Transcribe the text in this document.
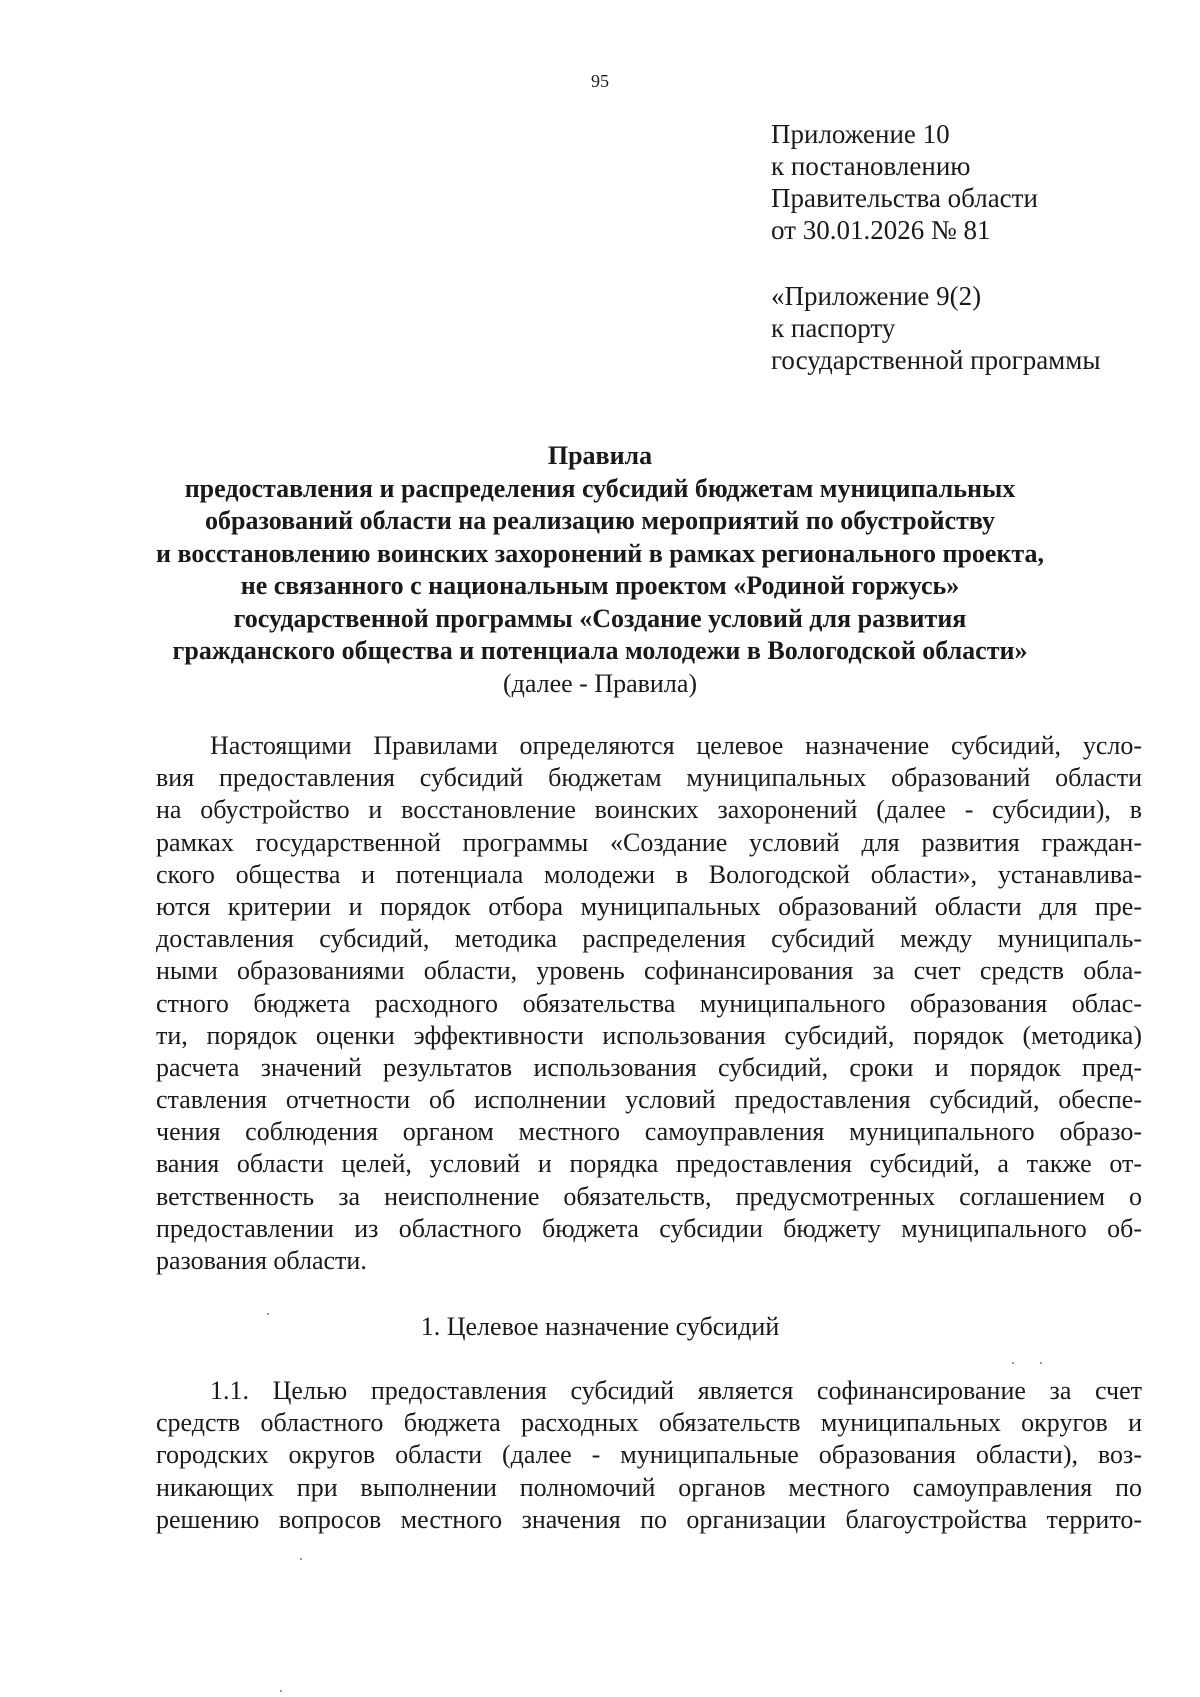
95
Приложение 10
к постановлению
Правительства области
от 30.01.2026 № 81
«Приложение 9(2)
к паспорту
государственной программы
Правила
предоставления и распределения субсидий бюджетам муниципальных
образований области на реализацию мероприятий по обустройству
и восстановлению воинских захоронений в рамках регионального проекта,
не связанного с национальным проектом «Родиной горжусь»
государственной программы «Создание условий для развития
гражданского общества и потенциала молодежи в Вологодской области»
(далее - Правила)
Настоящими Правилами определяются целевое назначение субсидий, усло-
вия предоставления субсидий бюджетам муниципальных образований области
на обустройство и восстановление воинских захоронений (далее - субсидии), в
рамках государственной программы «Создание условий для развития граждан-
ского общества и потенциала молодежи в Вологодской области», устанавлива-
ются критерии и порядок отбора муниципальных образований области для пре-
доставления субсидий, методика распределения субсидий между муниципаль-
ными образованиями области, уровень софинансирования за счет средств обла-
стного бюджета расходного обязательства муниципального образования облас-
ти, порядок оценки эффективности использования субсидий, порядок (методика)
расчета значений результатов использования субсидий, сроки и порядок пред-
ставления отчетности об исполнении условий предоставления субсидий, обеспе-
чения соблюдения органом местного самоуправления муниципального образо-
вания области целей, условий и порядка предоставления субсидий, а также от-
ветственность за неисполнение обязательств, предусмотренных соглашением о
предоставлении из областного бюджета субсидии бюджету муниципального об-
разования области.
1. Целевое назначение субсидий
1.1. Целью предоставления субсидий является софинансирование за счет
средств областного бюджета расходных обязательств муниципальных округов и
городских округов области (далее - муниципальные образования области), воз-
никающих при выполнении полномочий органов местного самоуправления по
решению вопросов местного значения по организации благоустройства террито-
